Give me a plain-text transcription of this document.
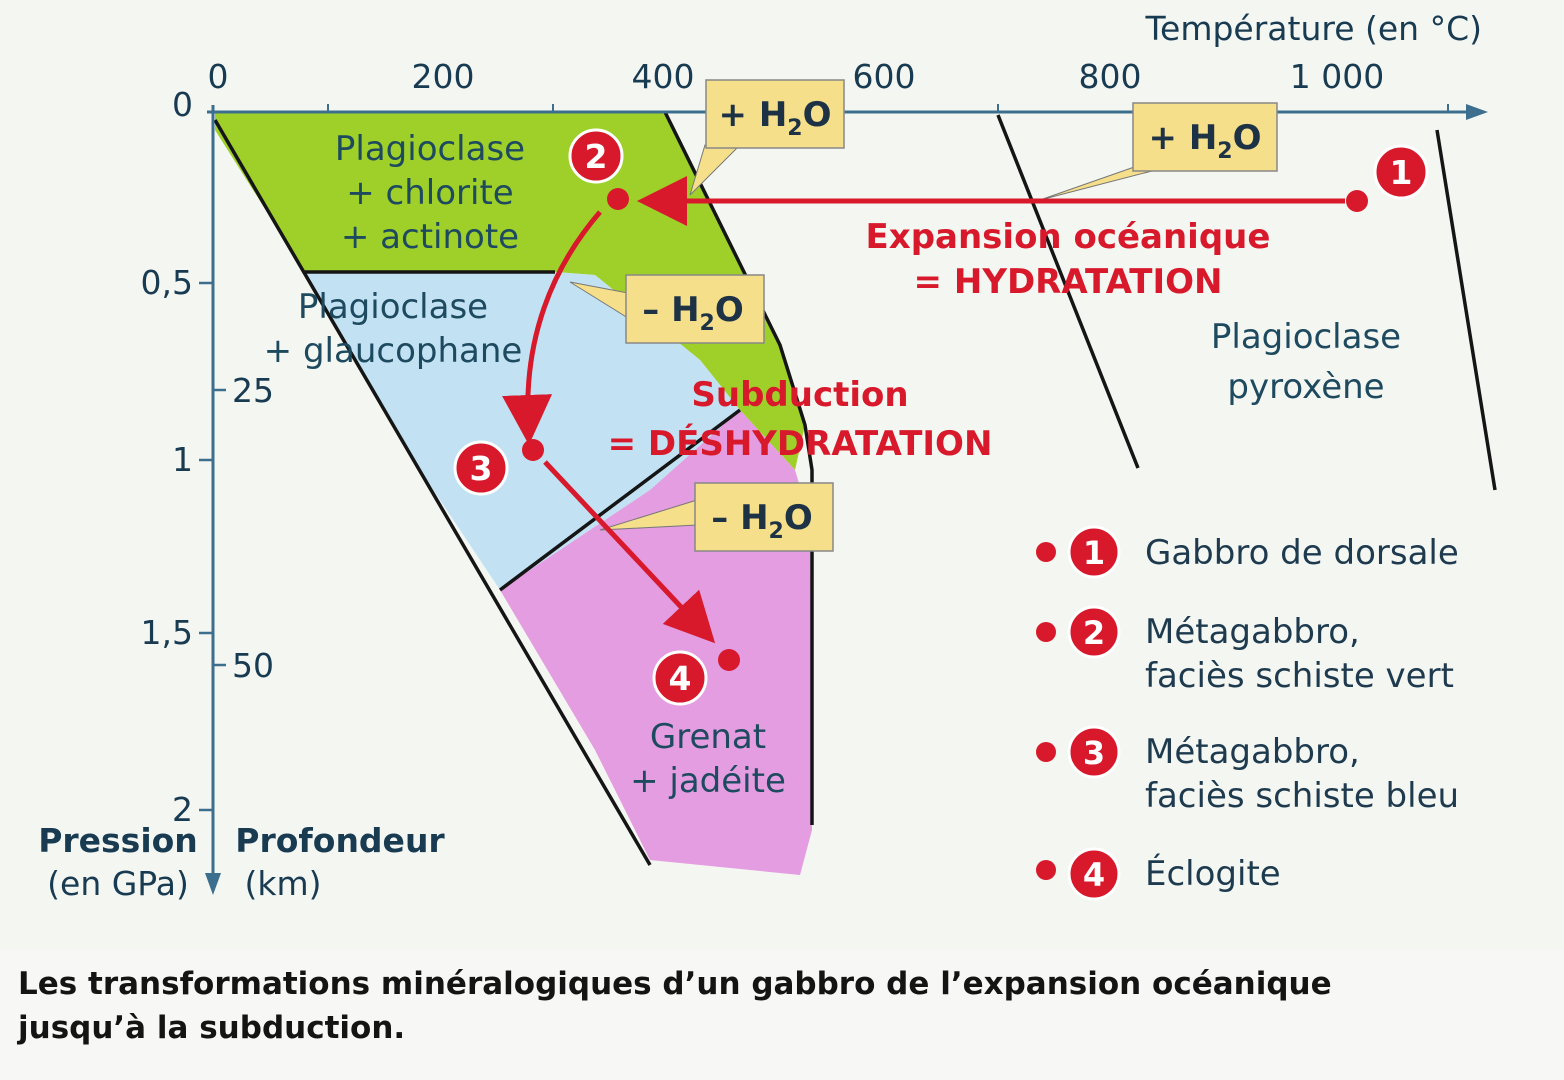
Température (en °C)
0	200	400	600	800	1 000
0
0,5
1
1,5
2
25
50
Pression
(en GPa)
Profondeur
(km)
Plagioclase
+ chlorite
+ actinote
Plagioclase
+ glaucophane
Grenat
+ jadéite
Plagioclase
pyroxène
+ $H_2O$
+ $H_2O$
– $H_2O$
– $H_2O$
Expansion océanique
= HYDRATATION
Subduction
= DÉSHYDRATATION
1
2
3
4
1 Gabbro de dorsale
2 Métagabbro,
faciès schiste vert
3 Métagabbro,
faciès schiste bleu
4 Éclogite
Les transformations minéralogiques d’un gabbro de l’expansion océanique jusqu’à la subduction.
